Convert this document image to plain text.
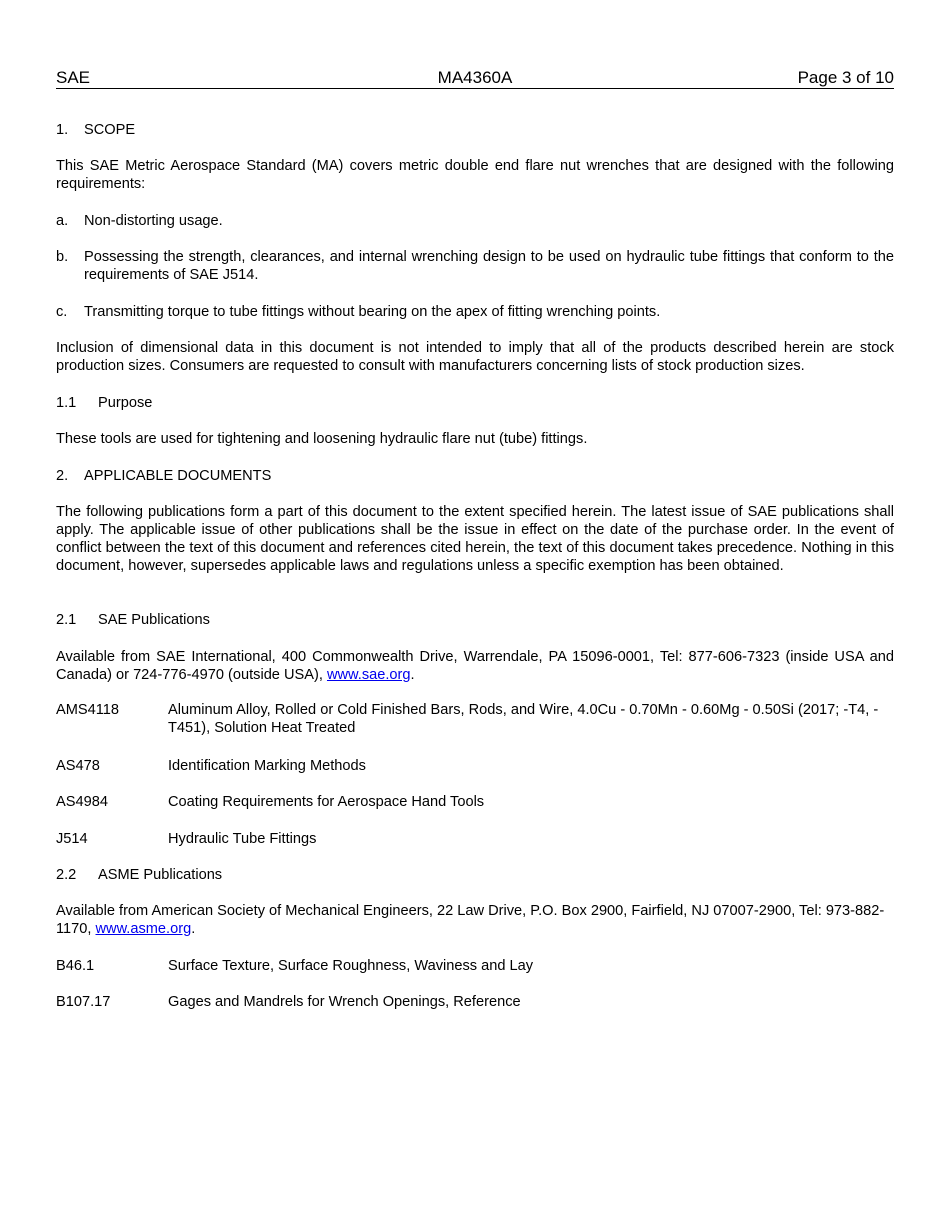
SAE	MA4360A	Page 3 of 10
1. SCOPE
This SAE Metric Aerospace Standard (MA) covers metric double end flare nut wrenches that are designed with the following requirements:
a.	Non-distorting usage.
b.	Possessing the strength, clearances, and internal wrenching design to be used on hydraulic tube fittings that conform to the requirements of SAE J514.
c.	Transmitting torque to tube fittings without bearing on the apex of fitting wrenching points.
Inclusion of dimensional data in this document is not intended to imply that all of the products described herein are stock production sizes. Consumers are requested to consult with manufacturers concerning lists of stock production sizes.
1.1 Purpose
These tools are used for tightening and loosening hydraulic flare nut (tube) fittings.
2. APPLICABLE DOCUMENTS
The following publications form a part of this document to the extent specified herein. The latest issue of SAE publications shall apply. The applicable issue of other publications shall be the issue in effect on the date of the purchase order. In the event of conflict between the text of this document and references cited herein, the text of this document takes precedence. Nothing in this document, however, supersedes applicable laws and regulations unless a specific exemption has been obtained.
2.1 SAE Publications
Available from SAE International, 400 Commonwealth Drive, Warrendale, PA 15096-0001, Tel: 877-606-7323 (inside USA and Canada) or 724-776-4970 (outside USA), www.sae.org.
AMS4118	Aluminum Alloy, Rolled or Cold Finished Bars, Rods, and Wire, 4.0Cu - 0.70Mn - 0.60Mg - 0.50Si (2017; -T4, -T451), Solution Heat Treated
AS478	Identification Marking Methods
AS4984	Coating Requirements for Aerospace Hand Tools
J514	Hydraulic Tube Fittings
2.2 ASME Publications
Available from American Society of Mechanical Engineers, 22 Law Drive, P.O. Box 2900, Fairfield, NJ 07007-2900, Tel: 973-882-1170, www.asme.org.
B46.1	Surface Texture, Surface Roughness, Waviness and Lay
B107.17	Gages and Mandrels for Wrench Openings, Reference
